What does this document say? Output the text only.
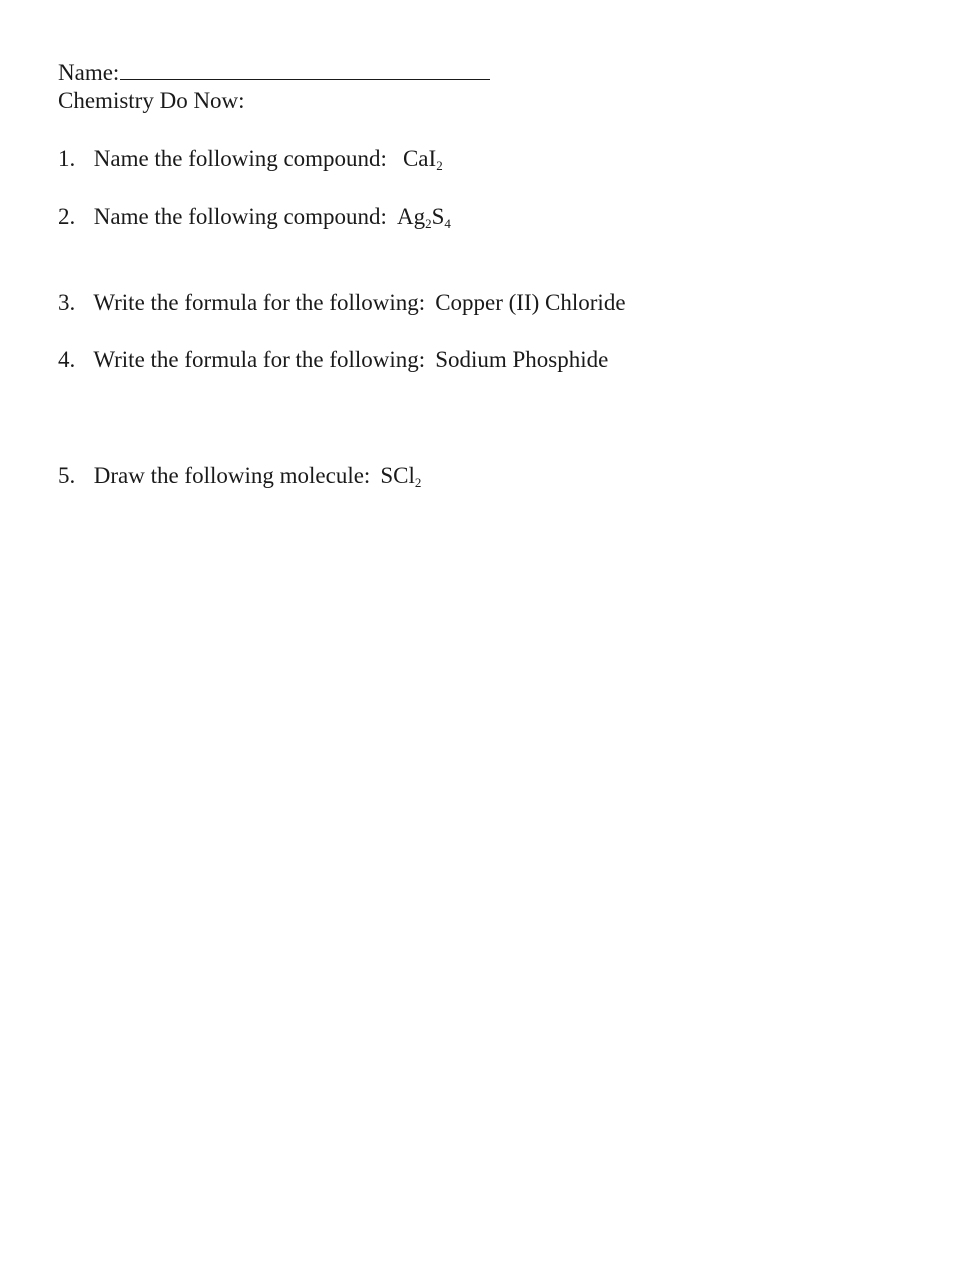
Name:
Chemistry Do Now:
1. Name the following compound: CaI$_2$
2. Name the following compound: $Ag_2S_4$
3. Write the formula for the following: Copper (II) Chloride
4. Write the formula for the following: Sodium Phosphide
5. Draw the following molecule: SCl$_2$
